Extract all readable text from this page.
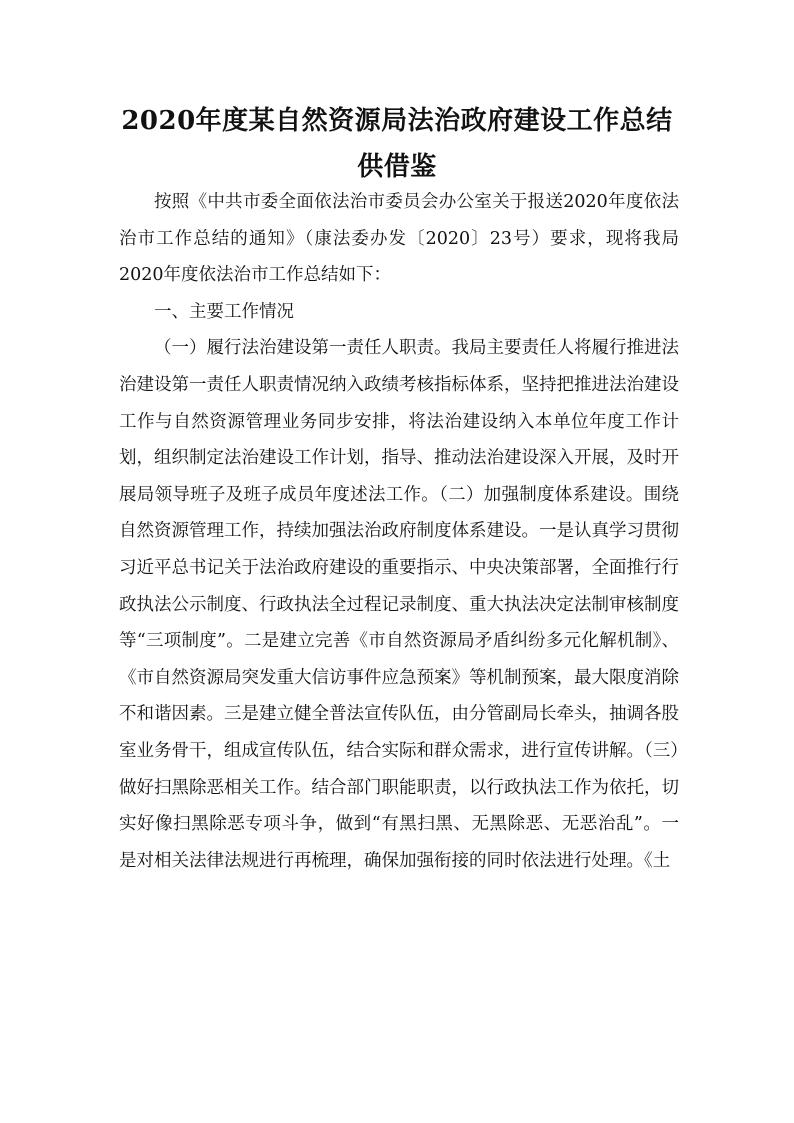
2020年度某自然资源局法治政府建设工作总结供借鉴

按照《中共市委全面依法治市委员会办公室关于报送2020年度依法治市工作总结的通知》（康法委办发〔2020〕23号）要求，现将我局2020年度依法治市工作总结如下：

一、主要工作情况

（一）履行法治建设第一责任人职责。我局主要责任人将履行推进法治建设第一责任人职责情况纳入政绩考核指标体系，坚持把推进法治建设工作与自然资源管理业务同步安排，将法治建设纳入本单位年度工作计划，组织制定法治建设工作计划，指导、推动法治建设深入开展，及时开展局领导班子及班子成员年度述法工作。（二）加强制度体系建设。围绕自然资源管理工作，持续加强法治政府制度体系建设。一是认真学习贯彻习近平总书记关于法治政府建设的重要指示、中央决策部署，全面推行行政执法公示制度、行政执法全过程记录制度、重大执法决定法制审核制度等“三项制度”。二是建立完善《市自然资源局矛盾纠纷多元化解机制》、《市自然资源局突发重大信访事件应急预案》等机制预案，最大限度消除不和谐因素。三是建立健全普法宣传队伍，由分管副局长牵头，抽调各股室业务骨干，组成宣传队伍，结合实际和群众需求，进行宣传讲解。（三）做好扫黑除恶相关工作。结合部门职能职责，以行政执法工作为依托，切实好像扫黑除恶专项斗争，做到“有黑扫黑、无黑除恶、无恶治乱”。一是对相关法律法规进行再梳理，确保加强衔接的同时依法进行处理。《土
